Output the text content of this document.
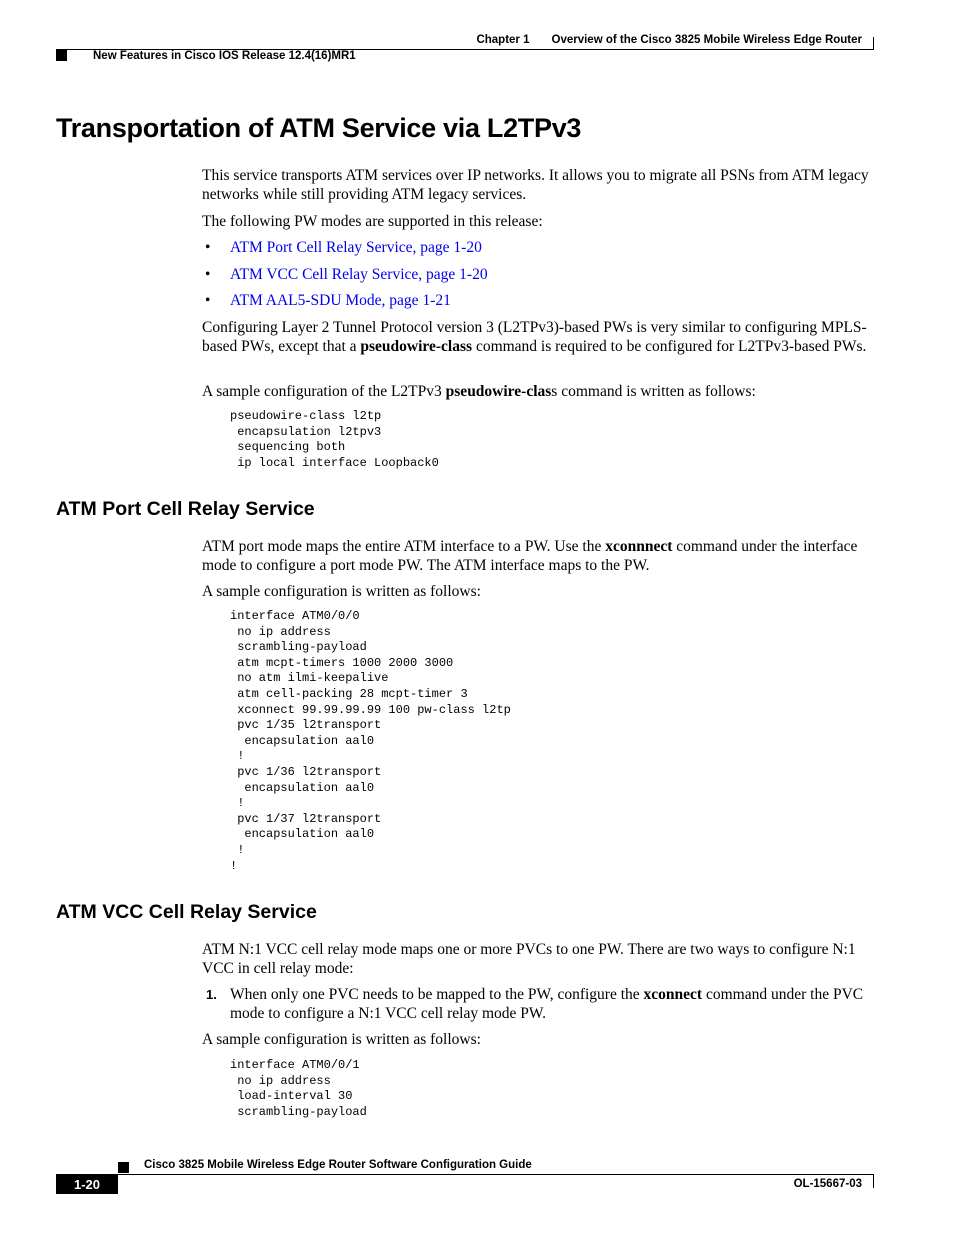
Chapter 1 Overview of the Cisco 3825 Mobile Wireless Edge Router
New Features in Cisco IOS Release 12.4(16)MR1
Transportation of ATM Service via L2TPv3

This service transports ATM services over IP networks. It allows you to migrate all PSNs from ATM legacy networks while still providing ATM legacy services.

The following PW modes are supported in this release:

• ATM Port Cell Relay Service, page 1-20
• ATM VCC Cell Relay Service, page 1-20
• ATM AAL5-SDU Mode, page 1-21

Configuring Layer 2 Tunnel Protocol version 3 (L2TPv3)-based PWs is very similar to configuring MPLS-based PWs, except that a pseudowire-class command is required to be configured for L2TPv3-based PWs.

A sample configuration of the L2TPv3 pseudowire-class command is written as follows:

pseudowire-class l2tp
encapsulation l2tpv3
sequencing both
ip local interface Loopback0
ATM Port Cell Relay Service

ATM port mode maps the entire ATM interface to a PW. Use the xconnnect command under the interface mode to configure a port mode PW. The ATM interface maps to the PW.

A sample configuration is written as follows:

interface ATM0/0/0
no ip address
scrambling-payload
atm mcpt-timers 1000 2000 3000
no atm ilmi-keepalive
atm cell-packing 28 mcpt-timer 3
xconnect 99.99.99.99 100 pw-class l2tp
pvc 1/35 l2transport
encapsulation aal0
!
pvc 1/36 l2transport
encapsulation aal0
!
pvc 1/37 l2transport
encapsulation aal0
!
!
ATM VCC Cell Relay Service

ATM N:1 VCC cell relay mode maps one or more PVCs to one PW. There are two ways to configure N:1 VCC in cell relay mode:

1. When only one PVC needs to be mapped to the PW, configure the xconnect command under the PVC mode to configure a N:1 VCC cell relay mode PW.

A sample configuration is written as follows:

interface ATM0/0/1
no ip address
load-interval 30
scrambling-payload
Cisco 3825 Mobile Wireless Edge Router Software Configuration Guide
1-20	OL-15667-03
